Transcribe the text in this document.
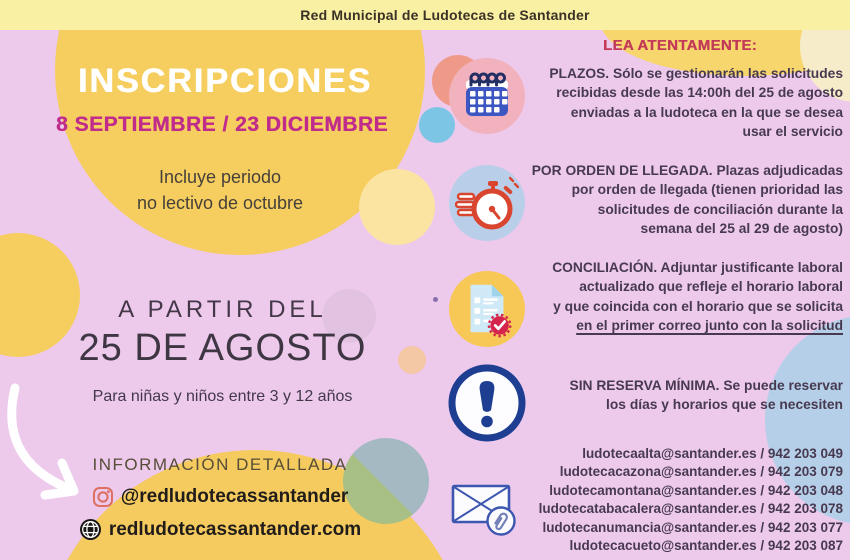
Red Municipal de Ludotecas de Santander
INSCRIPCIONES
8 SEPTIEMBRE / 23 DICIEMBRE
Incluye periodo
no lectivo de octubre
A PARTIR DEL
25 DE AGOSTO
Para niñas y niños entre 3 y 12 años
INFORMACIÓN DETALLADA
@redludotecassantander
redludotecassantander.com
LEA ATENTAMENTE:
PLAZOS. Sólo se gestionarán las solicitudes
recibidas desde las 14:00h del 25 de agosto
enviadas a la ludoteca en la que se desea
usar el servicio
POR ORDEN DE LLEGADA. Plazas adjudicadas
por orden de llegada (tienen prioridad las
solicitudes de conciliación durante la
semana del 25 al 29 de agosto)
CONCILIACIÓN. Adjuntar justificante laboral
actualizado que refleje el horario laboral
y que coincida con el horario que se solicita
en el primer correo junto con la solicitud
SIN RESERVA MÍNIMA. Se puede reservar
los días y horarios que se necesiten
ludotecaalta@santander.es / 942 203 049
ludotecacazona@santander.es / 942 203 079
ludotecamontana@santander.es / 942 203 048
ludotecatabacalera@santander.es / 942 203 078
ludotecanumancia@santander.es / 942 203 077
ludotecacueto@santander.es / 942 203 087
